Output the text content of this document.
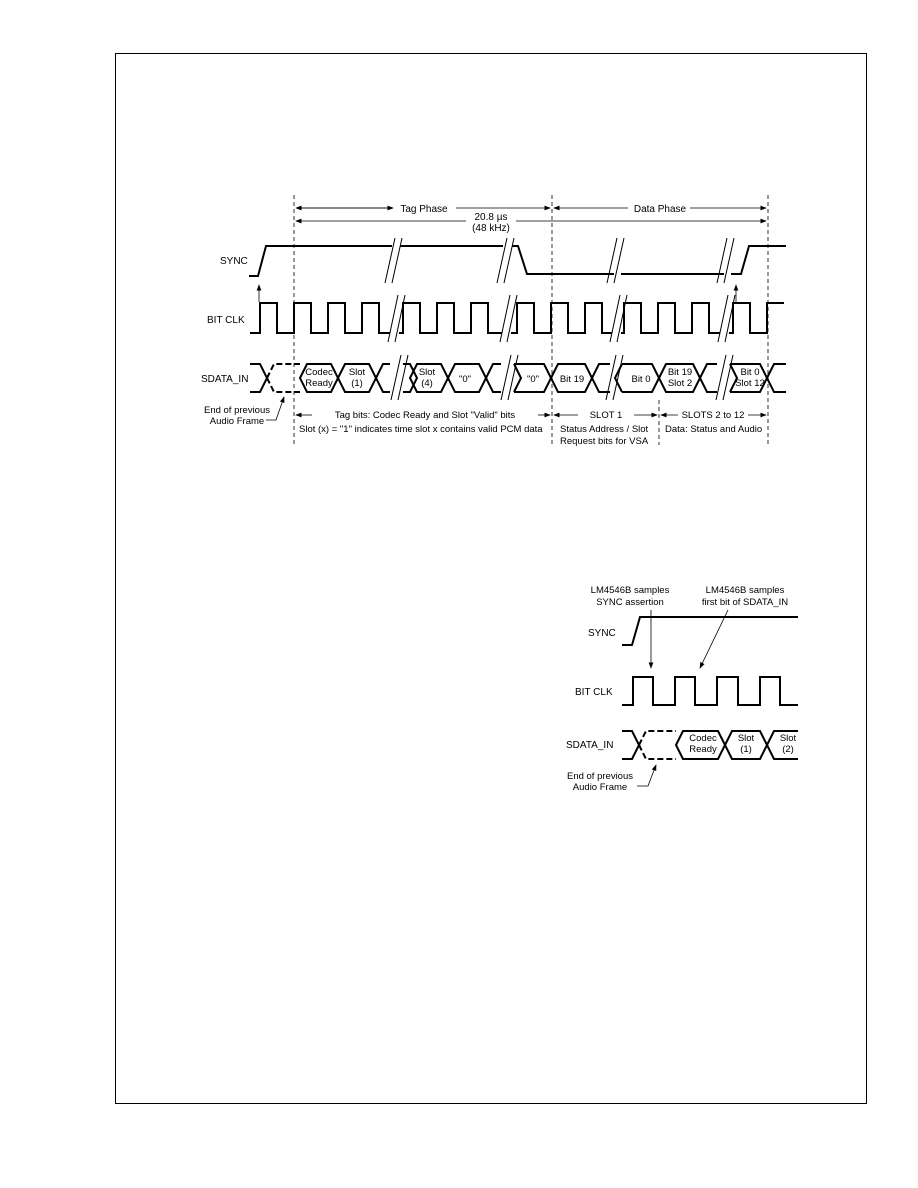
Tag Phase	Data Phase
20.8 µs
(48 kHz)
SYNC
BIT CLK
SDATA_IN
Codec
Ready
Slot
(1)
Slot
(4)	"0"	"0" Bit 19	Bit 0
Bit 19
Slot 2
Bit 0
Slot 12
End of previous
Audio Frame
Tag bits: Codec Ready and Slot "Valid" bits
Slot (x) = "1" indicates time slot x contains valid PCM data
SLOT 1
Status Address / Slot
Request bits for VSA
SLOTS 2 to 12
Data: Status and Audio
LM4546B samples
SYNC assertion
LM4546B samples
first bit of SDATA_IN
SYNC
BIT CLK
SDATA_IN
Codec
Ready
Slot
(1)
Slot
(2)
End of previous
Audio Frame
